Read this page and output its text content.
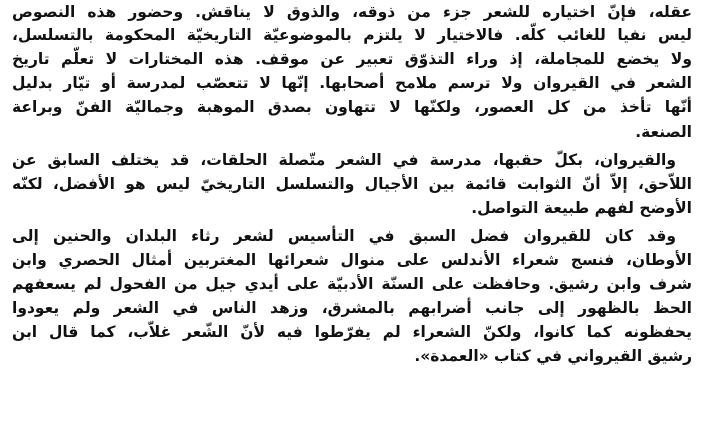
عقله، فإنّ اختياره للشعر جزء من ذوقه، والذوق لا يناقش. وحضور هذه النصوص
ليس نفيا للغائب كلّه. فالاختيار لا يلتزم بالموضوعيّة التاريخيّة المحكومة بالتسلسل،
ولا يخضع للمجاملة، إذ وراء التذوّق تعبير عن موقف. هذه المختارات لا تعلّم تاريخ
الشعر في القيروان ولا ترسم ملامح أصحابها. إنّها لا تتعصّب لمدرسة أو تيّار بدليل
أنّها تأخذ من كل العصور، ولكنّها لا تتهاون بصدق الموهبة وجماليّة الفنّ وبراعة
الصنعة.
والقيروان، بكلّ حقبها، مدرسة في الشعر متّصلة الحلقات، قد يختلف السابق عن
اللاّحق، إلاّ أنّ الثوابت قائمة بين الأجيال والتسلسل التاريخيّ ليس هو الأفضل، لكنّه
الأوضح لفهم طبيعة التواصل.
وقد كان للقيروان فضل السبق في التأسيس لشعر رثاء البلدان والحنين إلى
الأوطان، فنسج شعراء الأندلس على منوال شعرائها المغتربين أمثال الحصري وابن
شرف وابن رشيق. وحافظت على السنّة الأدبيّة على أيدي جيل من الفحول لم يسعفهم
الحظ بالظهور إلى جانب أضرابهم بالمشرق، وزهد الناس في الشعر ولم يعودوا
يحفظونه كما كانوا، ولكنّ الشعراء لم يفرّطوا فيه لأنّ الشّعر غلاّب، كما قال ابن
رشيق القيرواني في كتاب «العمدة».
